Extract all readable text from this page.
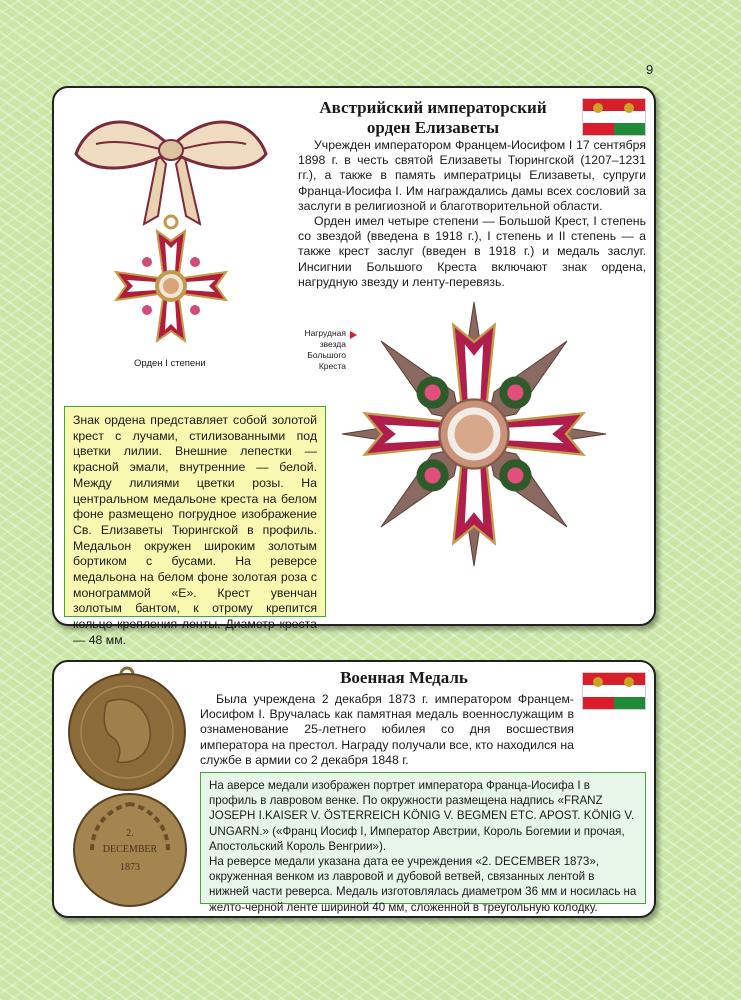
9
Орден I степени
Австрийский императорский
орден Елизаветы

Учрежден императором Францем-Иосифом I 17 сентября 1898 г. в честь святой Елизаветы Тюрингской (1207–1231 гг.), а также в память императрицы Елизаветы, супруги Франца-Иосифа I. Им награждались дамы всех сословий за заслуги в религиозной и благотворительной области.

Орден имел четыре степени — Большой Крест, I степень со звездой (введена в 1918 г.), I степень и II степень — а также крест заслуг (введен в 1918 г.) и медаль заслуг. Инсигнии Большого Креста включают знак ордена, нагрудную звезду и ленту-перевязь.

Нагрудная
звезда
Большого
Креста
Знак ордена представляет собой золотой крест с лучами, стилизованными под цветки лилии. Внешние лепестки — красной эмали, внутренние — белой. Между лилиями цветки розы. На центральном медальоне креста на белом фоне размещено погрудное изображение Св. Елизаветы Тюрингской в профиль. Медальон окружен широким золотым бортиком с бусами. На реверсе медальона на белом фоне золотая роза с монограммой «E». Крест увенчан золотым бантом, к отрому крепится кольцо крепления ленты. Диаметр креста — 48 мм.
2.
DECEMBER
1873
Военная Медаль

Была учреждена 2 декабря 1873 г. императором Францем-Иосифом I. Вручалась как памятная медаль военнослужащим в ознаменование 25-летнего юбилея со дня восшествия императора на престол. Награду получали все, кто находился на службе в армии со 2 декабря 1848 г.

На аверсе медали изображен портрет императора Франца-Иосифа I в профиль в лавровом венке. По окружности размещена надпись «FRANZ JOSEPH I.KAISER V. ÖSTERREICH KÖNIG V. BEGMEN ETC. APOST. KÖNIG V. UNGARN.» («Франц Иосиф I, Император Австрии, Король Богемии и прочая, Апостольский Король Венгрии»).

На реверсе медали указана дата ее учреждения «2. DECEMBER 1873», окруженная венком из лавровой и дубовой ветвей, связанных лентой в нижней части реверса. Медаль изготовлялась диаметром 36 мм и носилась на желто-черной ленте шириной 40 мм, сложенной в треугольную колодку.
